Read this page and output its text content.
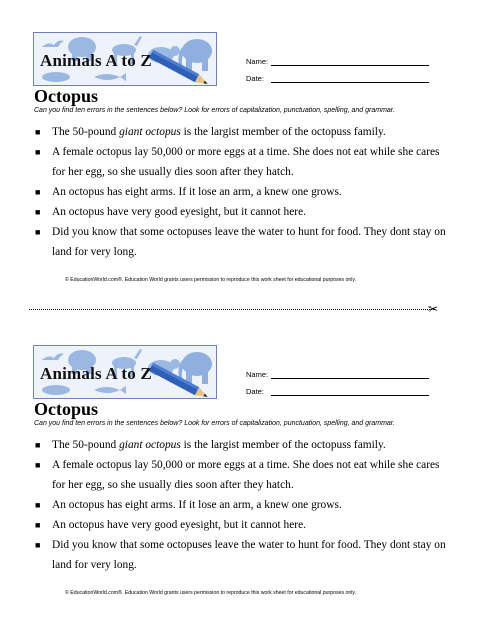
Animals A to Z	Name:
Date:
Octopus
Can you find ten errors in the sentences below? Look for errors of capitalization, punctuation, spelling, and grammar.
■ The 50-pound giant octopus is the largist member of the octopuss family.
■ A female octopus lay 50,000 or more eggs at a time. She does not eat while she cares for her egg, so she usually dies soon after they hatch.
■ An octopus has eight arms. If it lose an arm, a knew one grows.
■ An octopus have very good eyesight, but it cannot here.
■ Did you know that some octopuses leave the water to hunt for food. They dont stay on land for very long.
© EducationWorld.com®. Education World grants users permission to reproduce this work sheet for educational purposes only.
✂
Animals A to Z	Name:
Date:
Octopus
Can you find ten errors in the sentences below? Look for errors of capitalization, punctuation, spelling, and grammar.
■ The 50-pound giant octopus is the largist member of the octopuss family.
■ A female octopus lay 50,000 or more eggs at a time. She does not eat while she cares for her egg, so she usually dies soon after they hatch.
■ An octopus has eight arms. If it lose an arm, a knew one grows.
■ An octopus have very good eyesight, but it cannot here.
■ Did you know that some octopuses leave the water to hunt for food. They dont stay on land for very long.
© EducationWorld.com®. Education World grants users permission to reproduce this work sheet for educational purposes only.
